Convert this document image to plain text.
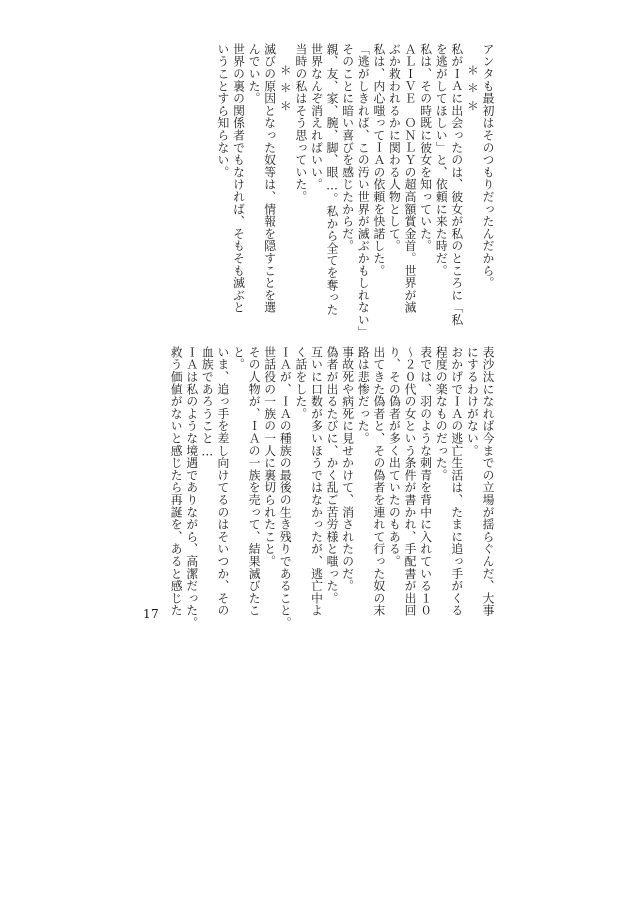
アンタも最初はそのつもりだったんだから。

＊＊＊

私がＩＡに出会ったのは、彼女が私のところに「私

を逃がしてほしい」と、依頼に来た時だ。

私は、その時既に彼女を知っていた。

ＡＬＩＶＥ　ＯＮＬＹの超高額賞金首。世界が滅

ぶか救われるかに関わる人物として。

私は、内心嗤ってＩＡの依頼を快諾した。

「逃がしきれば、この汚い世界が滅ぶかもしれない」

そのことに暗い喜びを感じたからだ。

親、友、家、腕、脚、眼…。私から全てを奪った

世界なんぞ消えればいい。

当時の私はそう思っていた。

＊＊＊

滅びの原因となった奴等は、情報を隠すことを選

んでいた。

世界の裏の関係者でもなければ、そもそも滅ぶと

いうことすら知らない。

表沙汰になれば今までの立場が揺らぐんだ、大事

にするわけがない。

おかげでＩＡの逃亡生活は、たまに追っ手がくる

程度の楽なものだった。

表では、羽のような刺青を背中に入れている１０

～２０代の女という条件が書かれ、手配書が出回

り、その偽者が多く出ていたのもある。

出てきた偽者と、その偽者を連れて行った奴の末

路は悲惨だった。

事故死や病死に見せかけて、消されたのだ。

偽者が出るたびに、かく乱ご苦労様と嗤った。

互いに口数が多いほうではなかったが、逃亡中よ

く話をした。

ＩＡが、ＩＡの種族の最後の生き残りであること。

世話役の一族の一人に裏切られたこと。

その人物が、ＩＡの一族を売って、結果滅びたこ

と。

いま、追っ手を差し向けてるのはそいつか、その

血族であろうこと…

ＩＡは私のような境遇でありながら、高潔だった。

救う価値がないと感じたら再誕を、あると感じた

17
